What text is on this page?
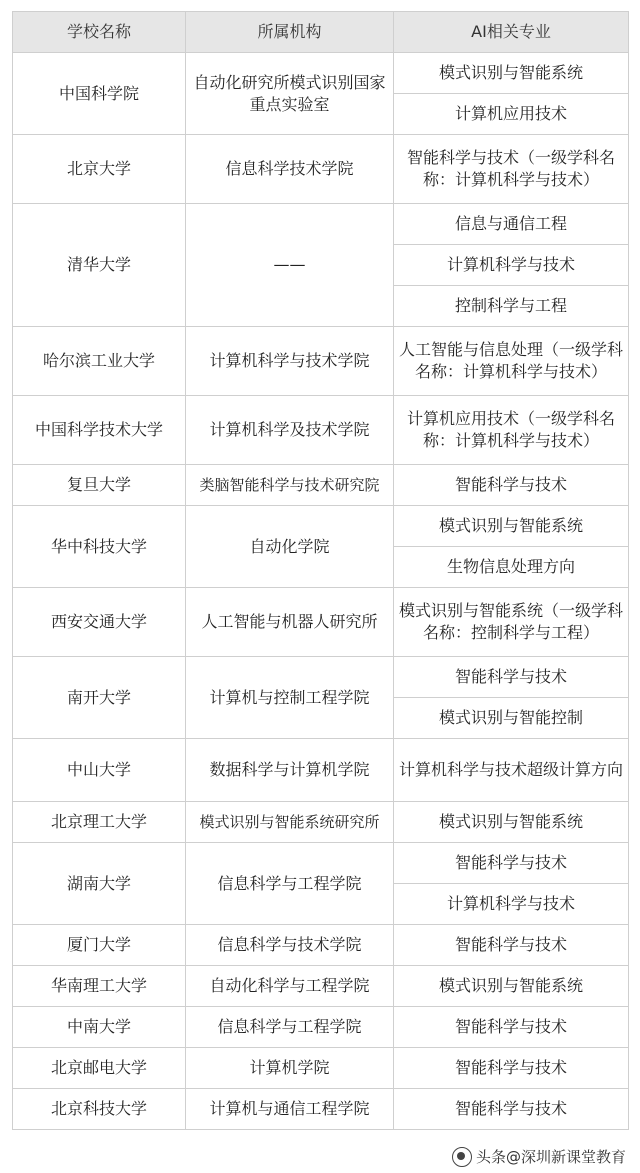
学校名称	所属机构	AI相关专业
中国科学院	自动化研究所模式识别国家重点实验室	模式识别与智能系统
		计算机应用技术
北京大学	信息科学技术学院	智能科学与技术（一级学科名称：计算机科学与技术）
清华大学	——	信息与通信工程
		计算机科学与技术
		控制科学与工程
哈尔滨工业大学	计算机科学与技术学院	人工智能与信息处理（一级学科名称：计算机科学与技术）
中国科学技术大学	计算机科学及技术学院	计算机应用技术（一级学科名称：计算机科学与技术）
复旦大学	类脑智能科学与技术研究院	智能科学与技术
华中科技大学	自动化学院	模式识别与智能系统
		生物信息处理方向
西安交通大学	人工智能与机器人研究所	模式识别与智能系统（一级学科名称：控制科学与工程）
南开大学	计算机与控制工程学院	智能科学与技术
		模式识别与智能控制
中山大学	数据科学与计算机学院	计算机科学与技术超级计算方向
北京理工大学	模式识别与智能系统研究所	模式识别与智能系统
湖南大学	信息科学与工程学院	智能科学与技术
		计算机科学与技术
厦门大学	信息科学与技术学院	智能科学与技术
华南理工大学	自动化科学与工程学院	模式识别与智能系统
中南大学	信息科学与工程学院	智能科学与技术
北京邮电大学	计算机学院	智能科学与技术
北京科技大学	计算机与通信工程学院	智能科学与技术
头条@深圳新课堂教育
